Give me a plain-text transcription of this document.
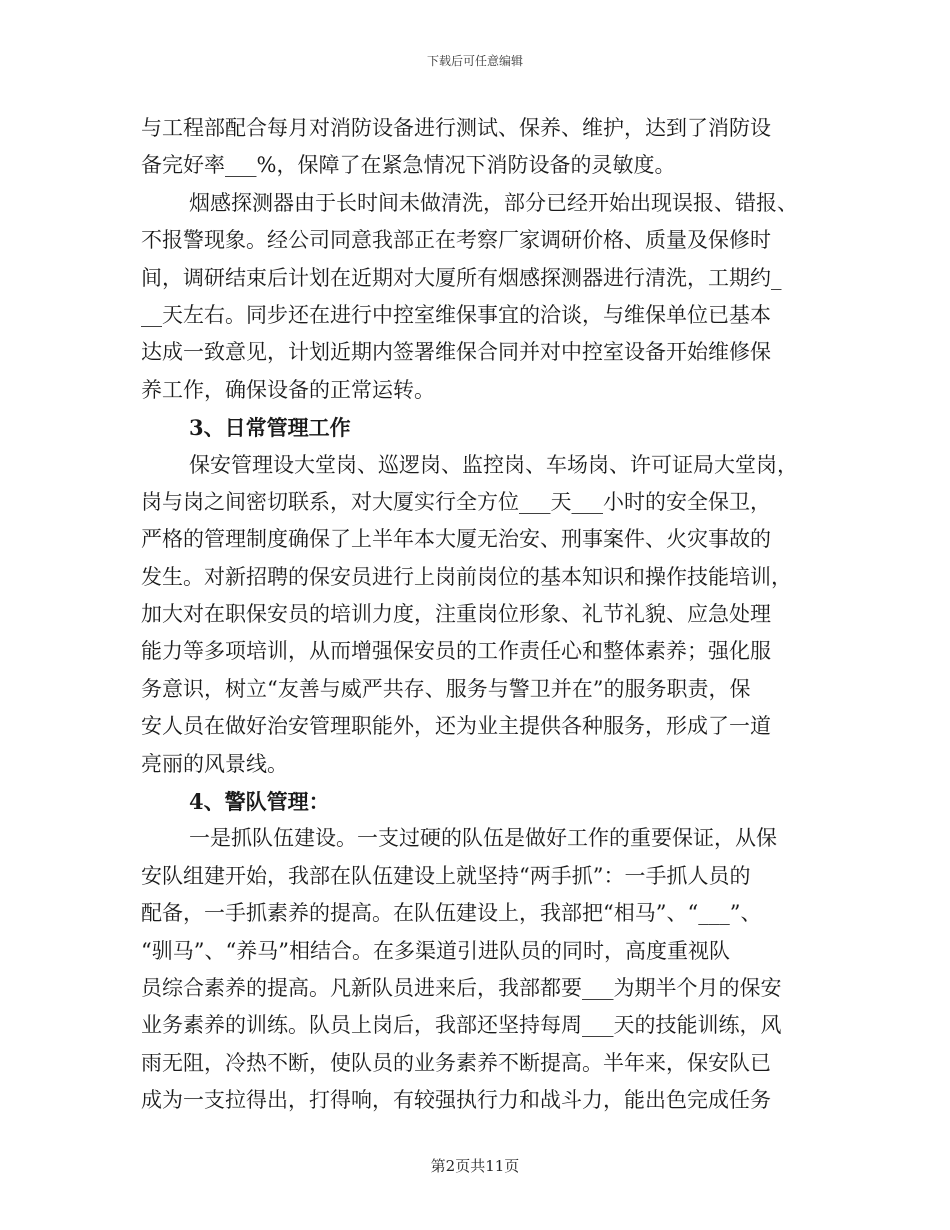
下载后可任意编辑
与工程部配合每月对消防设备进行测试、保养、维护，达到了消防设
备完好率___%，保障了在紧急情况下消防设备的灵敏度。
烟感探测器由于长时间未做清洗，部分已经开始出现误报、错报、
不报警现象。经公司同意我部正在考察厂家调研价格、质量及保修时
间，调研结束后计划在近期对大厦所有烟感探测器进行清洗，工期约_
__天左右。同步还在进行中控室维保事宜的洽谈，与维保单位已基本
达成一致意见，计划近期内签署维保合同并对中控室设备开始维修保
养工作，确保设备的正常运转。
3、日常管理工作
保安管理设大堂岗、巡逻岗、监控岗、车场岗、许可证局大堂岗，
岗与岗之间密切联系，对大厦实行全方位___天___小时的安全保卫，
严格的管理制度确保了上半年本大厦无治安、刑事案件、火灾事故的
发生。对新招聘的保安员进行上岗前岗位的基本知识和操作技能培训，
加大对在职保安员的培训力度，注重岗位形象、礼节礼貌、应急处理
能力等多项培训，从而增强保安员的工作责任心和整体素养；强化服
务意识，树立“友善与威严共存、服务与警卫并在”的服务职责，保
安人员在做好治安管理职能外，还为业主提供各种服务，形成了一道
亮丽的风景线。
4、警队管理：
一是抓队伍建设。一支过硬的队伍是做好工作的重要保证，从保
安队组建开始，我部在队伍建设上就坚持“两手抓”：一手抓人员的
配备，一手抓素养的提高。在队伍建设上，我部把“相马”、“___”、
“驯马”、“养马”相结合。在多渠道引进队员的同时，高度重视队
员综合素养的提高。凡新队员进来后，我部都要___为期半个月的保安
业务素养的训练。队员上岗后，我部还坚持每周___天的技能训练，风
雨无阻，冷热不断，使队员的业务素养不断提高。半年来，保安队已
成为一支拉得出，打得响，有较强执行力和战斗力，能出色完成任务
第2页共11页
